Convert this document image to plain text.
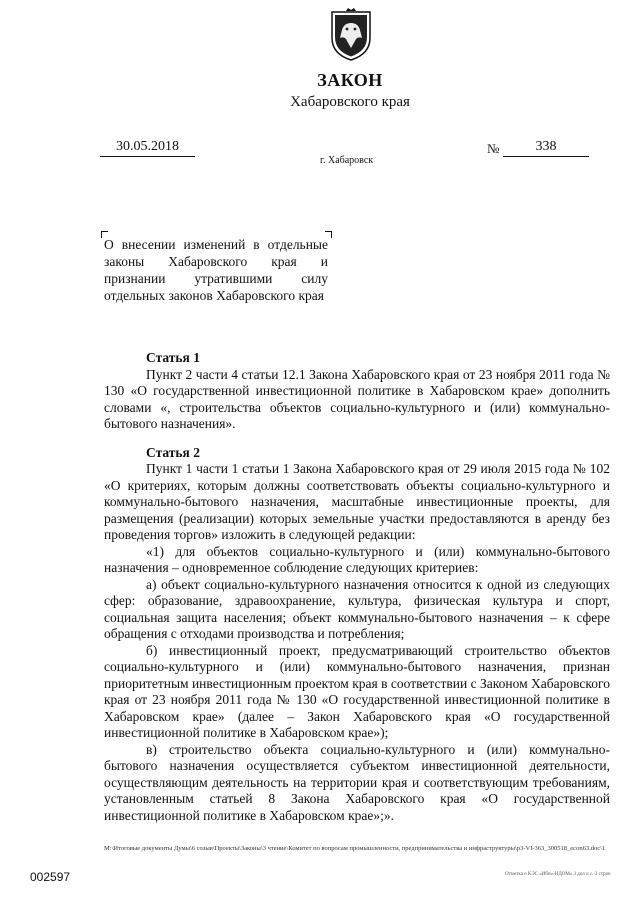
ЗАКОН
Хабаровского края
30.05.2018
г. Хабаровск
№	338
О внесении изменений в отдельные законы Хабаровского края и признании утратившими силу отдельных законов Хабаровского края
Статья 1

Пункт 2 части 4 статьи 12.1 Закона Хабаровского края от 23 ноября 2011 года № 130 «О государственной инвестиционной политике в Хабаровском крае» дополнить словами «, строительства объектов социально-культурного и (или) коммунально-бытового назначения».

Статья 2

Пункт 1 части 1 статьи 1 Закона Хабаровского края от 29 июля 2015 года № 102 «О критериях, которым должны соответствовать объекты социально-культурного и коммунально-бытового назначения, масштабные инвестиционные проекты, для размещения (реализации) которых земельные участки предоставляются в аренду без проведения торгов» изложить в следующей редакции:

«1) для объектов социально-культурного и (или) коммунально-бытового назначения – одновременное соблюдение следующих критериев:

а) объект социально-культурного назначения относится к одной из следующих сфер: образование, здравоохранение, культура, физическая культура и спорт, социальная защита населения; объект коммунально-бытового назначения – к сфере обращения с отходами производства и потребления;

б) инвестиционный проект, предусматривающий строительство объектов социально-культурного и (или) коммунально-бытового назначения, признан приоритетным инвестиционным проектом края в соответствии с Законом Хабаровского края от 23 ноября 2011 года № 130 «О государственной инвестиционной политике в Хабаровском крае» (далее – Закон Хабаровского края «О государственной инвестиционной политике в Хабаровском крае»);

в) строительство объекта социально-культурного и (или) коммунально-бытового назначения осуществляется субъектом инвестиционной деятельности, осуществляющим деятельность на территории края и соответствующим требованиям, установленным статьей 8 Закона Хабаровского края «О государственной инвестиционной политике в Хабаровском крае»;».

М:\Итоговые документы Думы\6 созыв\Проекты\Законы\3 чтение\Комитет по вопросам промышленности, предпринимательства и инфраструктуры\p3-VI-363_300518_econ63.doc\1
Отметка о КЭС «Ибп»-НДОМ» 3 дол л.с.-3 строк
002597
